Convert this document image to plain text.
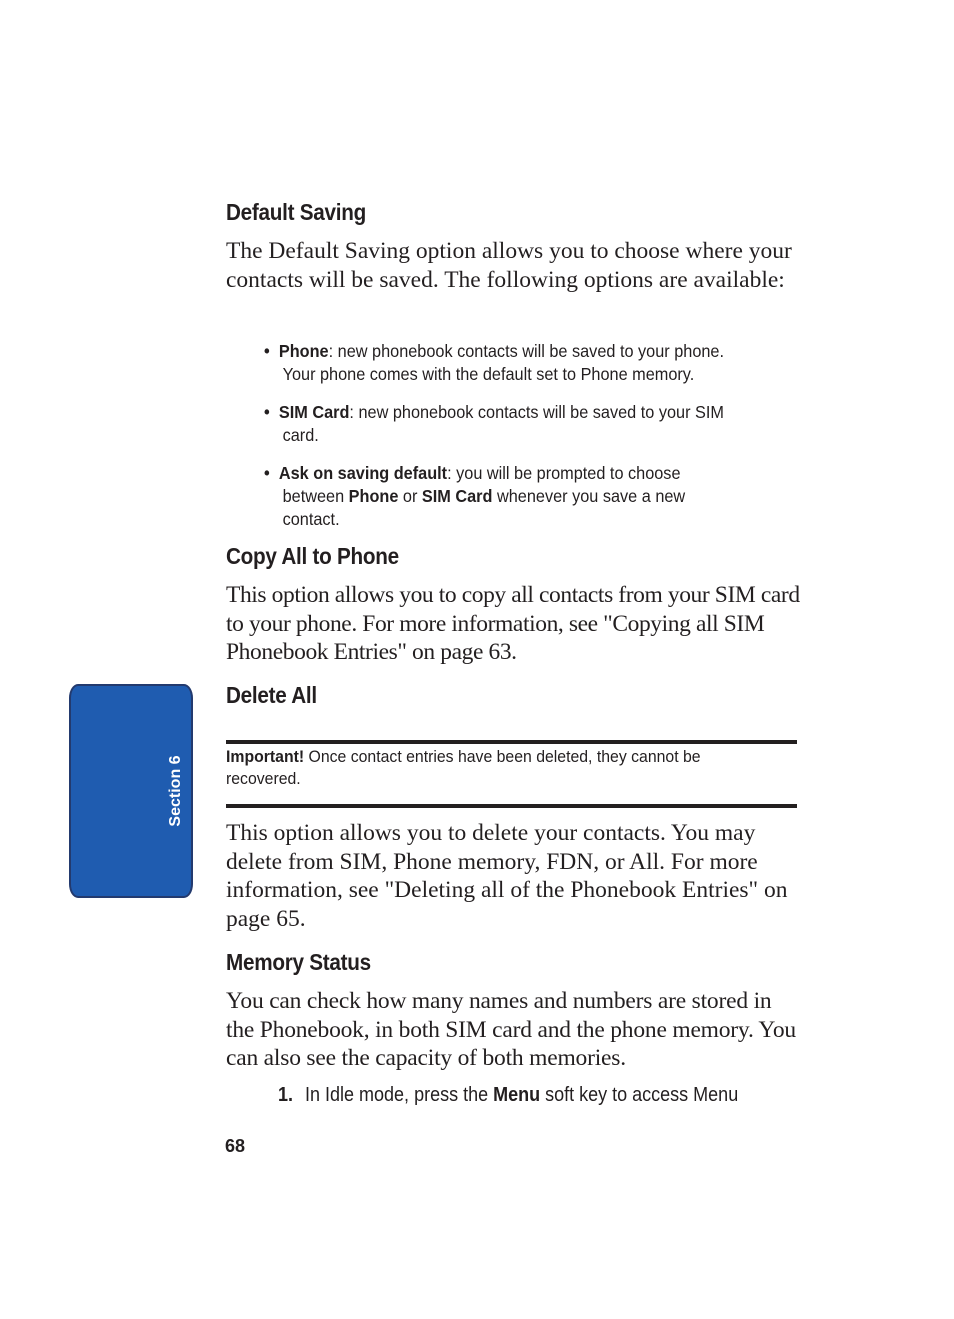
Default Saving

The Default Saving option allows you to choose where your contacts will be saved. The following options are available:

• Phone: new phonebook contacts will be saved to your phone.
Your phone comes with the default set to Phone memory.
• SIM Card: new phonebook contacts will be saved to your SIM
card.
• Ask on saving default: you will be prompted to choose
between Phone or SIM Card whenever you save a new
contact.
Copy All to Phone

This option allows you to copy all contacts from your SIM card to your phone. For more information, see "Copying all SIM Phonebook Entries" on page 63.

Delete All

Important! Once contact entries have been deleted, they cannot be recovered.

This option allows you to delete your contacts. You may delete from SIM, Phone memory, FDN, or All. For more information, see "Deleting all of the Phonebook Entries" on page 65.

Memory Status

You can check how many names and numbers are stored in the Phonebook, in both SIM card and the phone memory. You can also see the capacity of both memories.

1. In Idle mode, press the Menu soft key to access Menu

68
Section 6
